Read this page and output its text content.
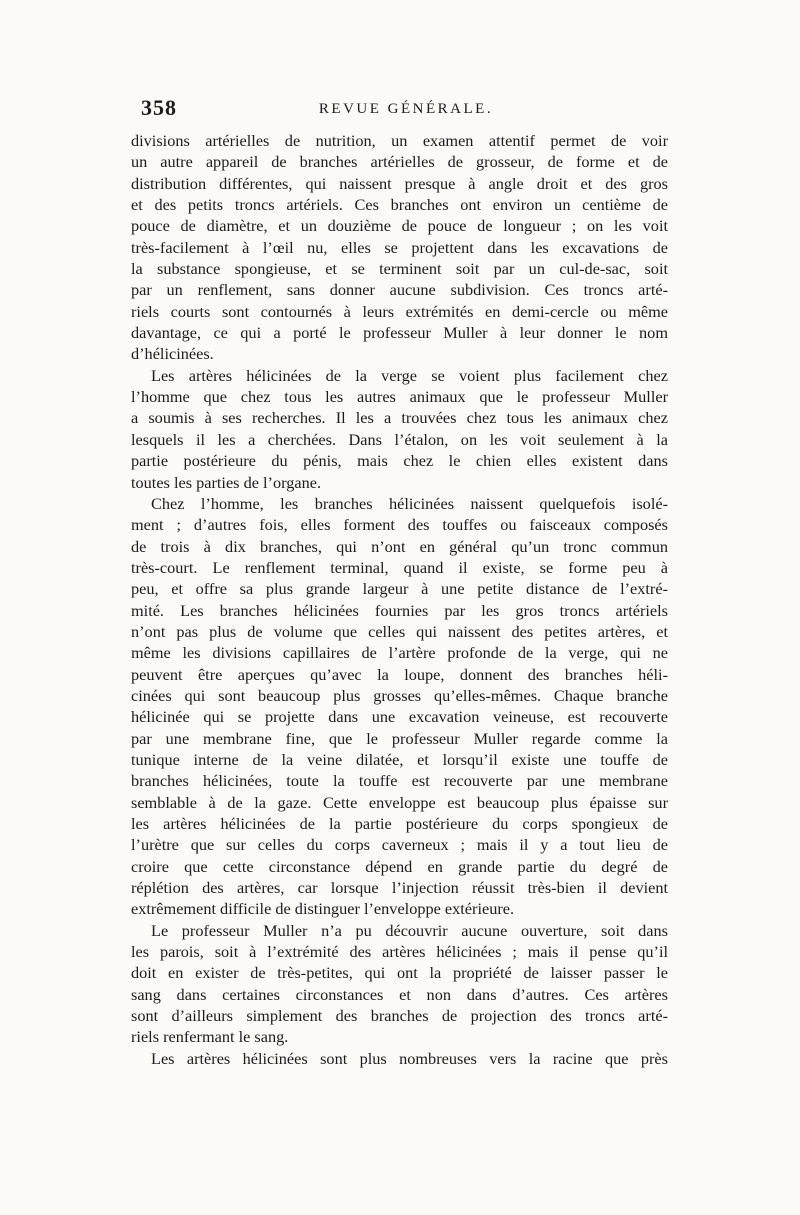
358	REVUE GÉNÉRALE.

divisions artérielles de nutrition, un examen attentif permet de voir
un autre appareil de branches artérielles de grosseur, de forme et de
distribution différentes, qui naissent presque à angle droit et des gros
et des petits troncs artériels. Ces branches ont environ un centième de
pouce de diamètre, et un douzième de pouce de longueur ; on les voit
très-facilement à l’œil nu, elles se projettent dans les excavations de
la substance spongieuse, et se terminent soit par un cul-de-sac, soit
par un renflement, sans donner aucune subdivision. Ces troncs arté-
riels courts sont contournés à leurs extrémités en demi-cercle ou même
davantage, ce qui a porté le professeur Muller à leur donner le nom
d’hélicinées.

Les artères hélicinées de la verge se voient plus facilement chez
l’homme que chez tous les autres animaux que le professeur Muller
a soumis à ses recherches. Il les a trouvées chez tous les animaux chez
lesquels il les a cherchées. Dans l’étalon, on les voit seulement à la
partie postérieure du pénis, mais chez le chien elles existent dans
toutes les parties de l’organe.

Chez l’homme, les branches hélicinées naissent quelquefois isolé-
ment ; d’autres fois, elles forment des touffes ou faisceaux composés
de trois à dix branches, qui n’ont en général qu’un tronc commun
très-court. Le renflement terminal, quand il existe, se forme peu à
peu, et offre sa plus grande largeur à une petite distance de l’extré-
mité. Les branches hélicinées fournies par les gros troncs artériels
n’ont pas plus de volume que celles qui naissent des petites artères, et
même les divisions capillaires de l’artère profonde de la verge, qui ne
peuvent être aperçues qu’avec la loupe, donnent des branches héli-
cinées qui sont beaucoup plus grosses qu’elles-mêmes. Chaque branche
hélicinée qui se projette dans une excavation veineuse, est recouverte
par une membrane fine, que le professeur Muller regarde comme la
tunique interne de la veine dilatée, et lorsqu’il existe une touffe de
branches hélicinées, toute la touffe est recouverte par une membrane
semblable à de la gaze. Cette enveloppe est beaucoup plus épaisse sur
les artères hélicinées de la partie postérieure du corps spongieux de
l’urètre que sur celles du corps caverneux ; mais il y a tout lieu de
croire que cette circonstance dépend en grande partie du degré de
réplétion des artères, car lorsque l’injection réussit très-bien il devient
extrêmement difficile de distinguer l’enveloppe extérieure.

Le professeur Muller n’a pu découvrir aucune ouverture, soit dans
les parois, soit à l’extrémité des artères hélicinées ; mais il pense qu’il
doit en exister de très-petites, qui ont la propriété de laisser passer le
sang dans certaines circonstances et non dans d’autres. Ces artères
sont d’ailleurs simplement des branches de projection des troncs arté-
riels renfermant le sang.

Les artères hélicinées sont plus nombreuses vers la racine que près
